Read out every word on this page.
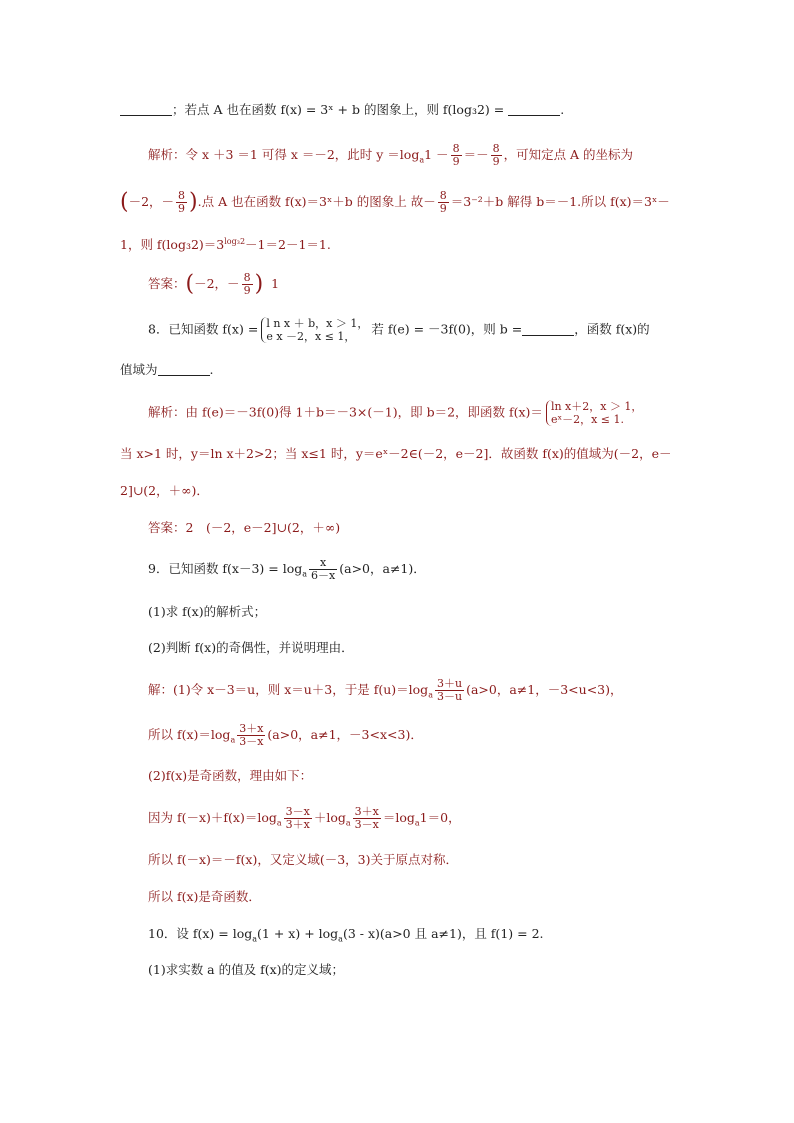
；若点 A 也在函数 f(x) = 3ˣ + b 的图象上，则 f(log₃2) =	.
解析：令 x ＋3 ＝1 可得 x ＝－2，此时 $y =\log_a1 - \frac{8}{9} =- \frac{8}{9}$ ，可知定点 A 的坐标为
(－2，－ $\frac{8}{9}$ ).点 A 也在函数 f(x)＝3ˣ＋b 的图象上 故－ $\frac{8}{9} =3^{-2}+b$ 解得 b＝－1.所以 f(x)＝3ˣ－
1，则 $f(\log_32)=3^{log_32}-1=2-1=1$.
答案：(－2，－ $\frac{8}{9}$ ) 1
8．已知函数 f(x) = l n x ＋ b，x ＞ 1，
e x －2，x ≤ 1，	若 f(e) = －3f(0)，则 b =	，函数 f(x)的
值域为	.
解析：由 f(e)＝－3f(0)得 1＋b＝－3×(－1)，即 b＝2，即函数 f(x)＝ ln x＋2，x ＞ 1，
eˣ－2，x ≤ 1.
当 x>1 时，y＝ln x＋2>2；当 x≤1 时，y＝eˣ－2∈(－2，e－2]．故函数 f(x)的值域为(－2，e－
2]∪(2，＋∞)．
答案：2　(－2，e－2]∪(2，＋∞)
9．已知函数 $f(x-3) = \log_a \frac{x}{6-x} (a>0$，a≠1)．
(1)求 f(x)的解析式；
(2)判断 f(x)的奇偶性，并说明理由．
解：(1)令 x－3＝u，则 x＝u＋3，于是 $f(u)=\log_a \frac{3+u}{3-u} (a>0$，a≠1，－3<u<3)，
所以 $f(x)=\log_a \frac{3+x}{3-x} (a>0$，a≠1，－3<x<3)．
(2)f(x)是奇函数，理由如下：
因为 $f(-x)+f(x)=\log_a \frac{3-x}{3+x} +\log_a \frac{3+x}{3-x} =\log_a1=0$，
所以 f(－x)＝－f(x)，又定义域(－3，3)关于原点对称．
所以 f(x)是奇函数．
10．设 $f(x) = \log_a(1 + x) + \log_a(3 - x)(a>0$ 且 a≠1)，且 f(1) = 2.
(1)求实数 a 的值及 f(x)的定义域；
